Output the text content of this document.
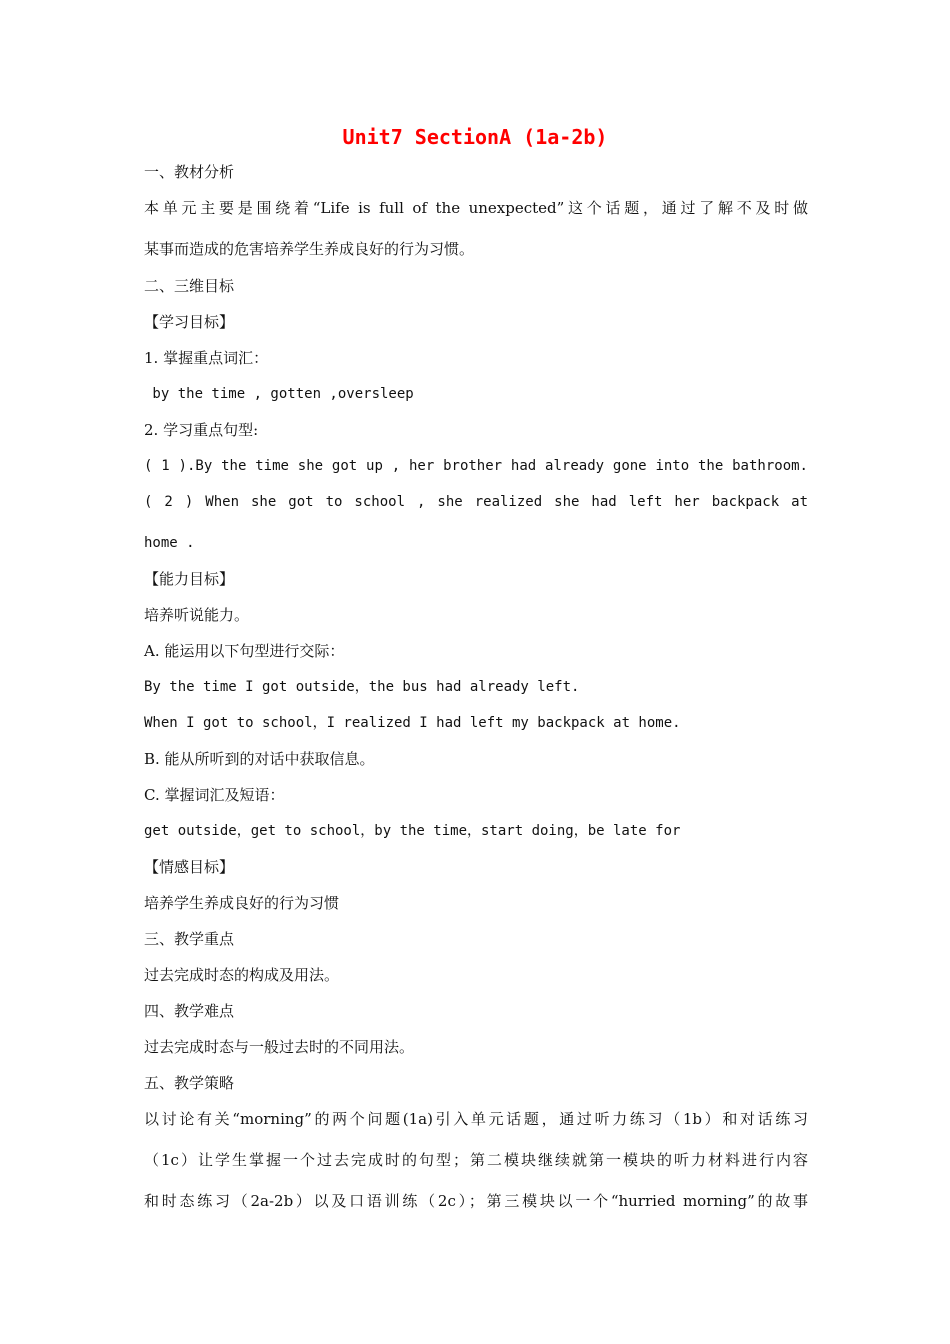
Unit7 SectionA (1a-2b)
一、教材分析
本单元主要是围绕着“Life is full of the unexpected”这个话题，通过了解不及时做
某事而造成的危害培养学生养成良好的行为习惯。
二、三维目标
【学习目标】
1. 掌握重点词汇：
by the time , gotten ,oversleep
2. 学习重点句型:
( 1 ).By the time she got up , her brother had already gone into the bathroom.
( 2 ) When she got to school , she realized she had left her backpack at
home .
【能力目标】
培养听说能力。
A. 能运用以下句型进行交际：
By the time I got outside，the bus had already left.
When I got to school，I realized I had left my backpack at home.
B. 能从所听到的对话中获取信息。
C. 掌握词汇及短语：
get outside，get to school，by the time，start doing，be late for
【情感目标】
培养学生养成良好的行为习惯
三、教学重点
过去完成时态的构成及用法。
四、教学难点
过去完成时态与一般过去时的不同用法。
五、教学策略
以讨论有关“morning”的两个问题(1a)引入单元话题，通过听力练习（1b）和对话练习
（1c）让学生掌握一个过去完成时的句型；第二模块继续就第一模块的听力材料进行内容
和时态练习（2a-2b）以及口语训练（2c）；第三模块以一个“hurried morning”的故事
